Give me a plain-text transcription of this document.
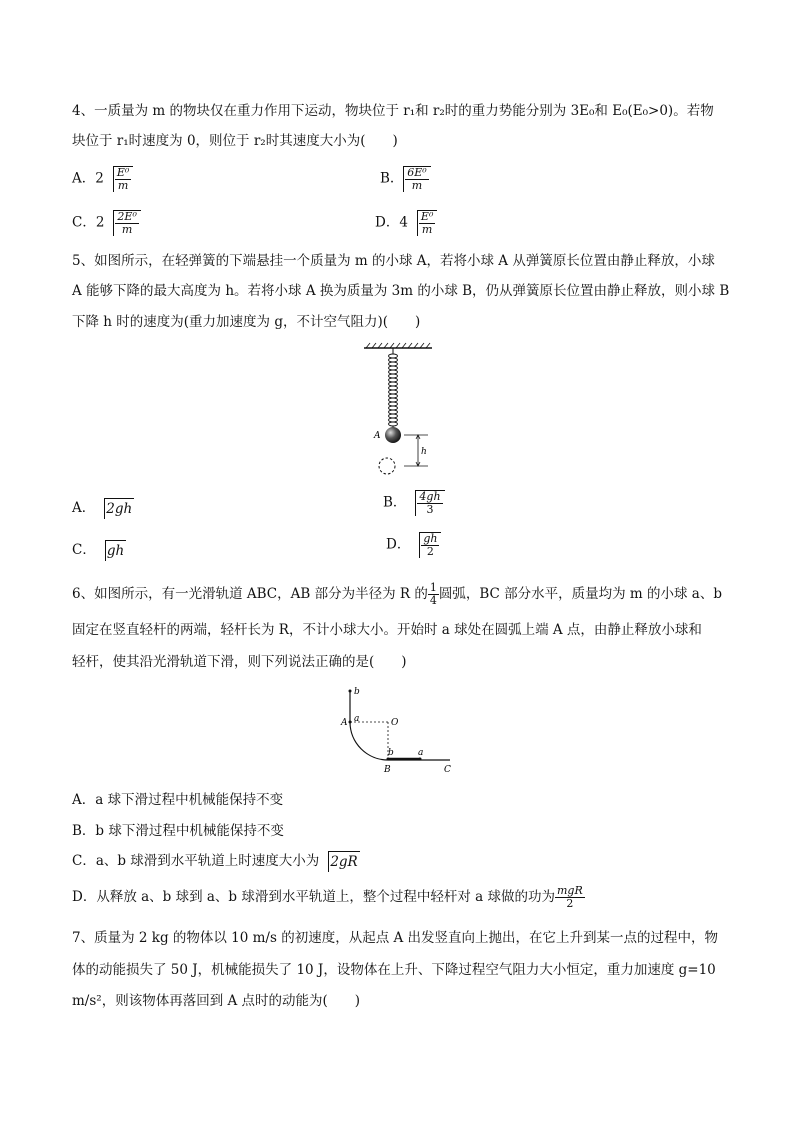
4、一质量为 m 的物块仅在重力作用下运动，物块位于 r₁和 r₂时的重力势能分别为 3E₀和 E₀(E₀>0)。若物
块位于 r₁时速度为 0，则位于 r₂时其速度大小为(　　)
A．$2 \frac{\text{E⁰}}{m}$	B. $\frac{\text{6E⁰}}{m}$
C．$2 \frac{\text{2E⁰}}{m}$	D．$4 \frac{\text{E⁰}}{m}$
5、如图所示，在轻弹簧的下端悬挂一个质量为 m 的小球 A，若将小球 A 从弹簧原长位置由静止释放，小球
A 能够下降的最大高度为 h。若将小球 A 换为质量为 3m 的小球 B，仍从弹簧原长位置由静止释放，则小球 B
下降 h 时的速度为(重力加速度为 g，不计空气阻力)(　　)
A
h
A． 2gh	B． $\frac{4gh}{3}$
C． gh	D． $\frac{gh}{2}$
6、如图所示，有一光滑轨道 ABC，AB 部分为半径为 R 的 $\frac{1}{4}$ 圆弧，BC 部分水平，质量均为 m 的小球 a、b
固定在竖直轻杆的两端，轻杆长为 R，不计小球大小。开始时 a 球处在圆弧上端 A 点，由静止释放小球和
轻杆，使其沿光滑轨道下滑，则下列说法正确的是(　　)
b
A a	O
b	a
B	C
A．a 球下滑过程中机械能保持不变
B．b 球下滑过程中机械能保持不变
C．a、b 球滑到水平轨道上时速度大小为 2gR
D．从释放 a、b 球到 a、b 球滑到水平轨道上，整个过程中轻杆对 a 球做的功为 $\frac{\text{mgR}}{2}$
7、质量为 2 kg 的物体以 10 m/s 的初速度，从起点 A 出发竖直向上抛出，在它上升到某一点的过程中，物
体的动能损失了 50 J，机械能损失了 10 J，设物体在上升、下降过程空气阻力大小恒定，重力加速度 g=10
m/s²，则该物体再落回到 A 点时的动能为(　　)
